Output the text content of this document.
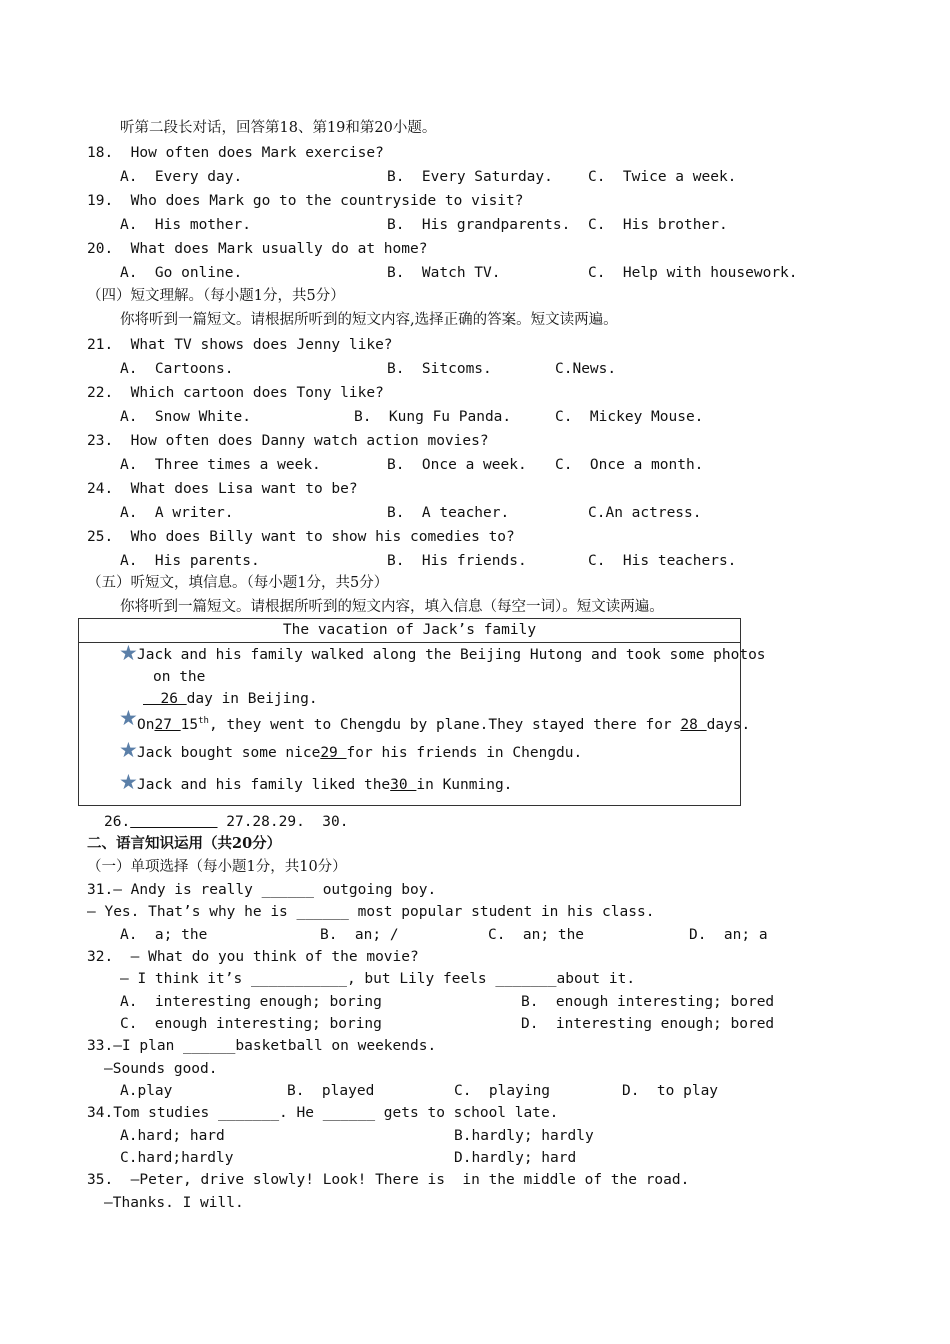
听第二段长对话，回答第18、第19和第20小题。
18.  How often does Mark exercise?
A.  Every day.	B.  Every Saturday. C.  Twice a week.
19.  Who does Mark go to the countryside to visit?
A.  His mother.	B.  His grandparents. C.  His brother.
20.  What does Mark usually do at home?
A.  Go online.	B.  Watch TV.	C.  Help with housework.
（四）短文理解。（每小题1分，共5分）
你将听到一篇短文。请根据所听到的短文内容,选择正确的答案。短文读两遍。
21.  What TV shows does Jenny like?
A.  Cartoons.	B.  Sitcoms.	C.News.
22.  Which cartoon does Tony like?
A.  Snow White.	B.  Kung Fu Panda.	C.  Mickey Mouse.
23.  How often does Danny watch action movies?
A.  Three times a week.	B.  Once a week. C.  Once a month.
24.  What does Lisa want to be?
A.  A writer.	B.  A teacher.	C.An actress.
25.  Who does Billy want to show his comedies to?
A.  His parents.	B.  His friends.	C.  His teachers.
（五）听短文，填信息。（每小题1分，共5分）
你将听到一篇短文。请根据所听到的短文内容，填入信息（每空一词）。短文读两遍。
The vacation of Jack’s family
★ Jack and his family walked along the Beijing Hutong and took some photos
on the
26 day in Beijing.
★ On27 15th, they went to Chengdu by plane.They stayed there for 28 days.
★ Jack bought some nice29 for his friends in Chengdu.
★ Jack and his family liked the30 in Kunming.
26.	27.28.29.  30.
二、语言知识运用（共20分）
（一）单项选择（每小题1分，共10分）
31.— Andy is really ______ outgoing boy.
— Yes. That’s why he is ______ most popular student in his class.
A.  a; the	B.  an; /	C.  an; the	D.  an; a
32.  — What do you think of the movie?
— I think it’s ___________, but Lily feels _______about it.
A.  interesting enough; boring	B.  enough interesting; bored
C.  enough interesting; boring	D.  interesting enough; bored
33.—I plan ______basketball on weekends.
—Sounds good.
A.play	B.  played	C.  playing	D.  to play
34.Tom studies _______. He ______ gets to school late.
A.hard; hard	B.hardly; hardly
C.hard;hardly	D.hardly; hard
35.  —Peter, drive slowly! Look! There is  in the middle of the road.
—Thanks. I will.
